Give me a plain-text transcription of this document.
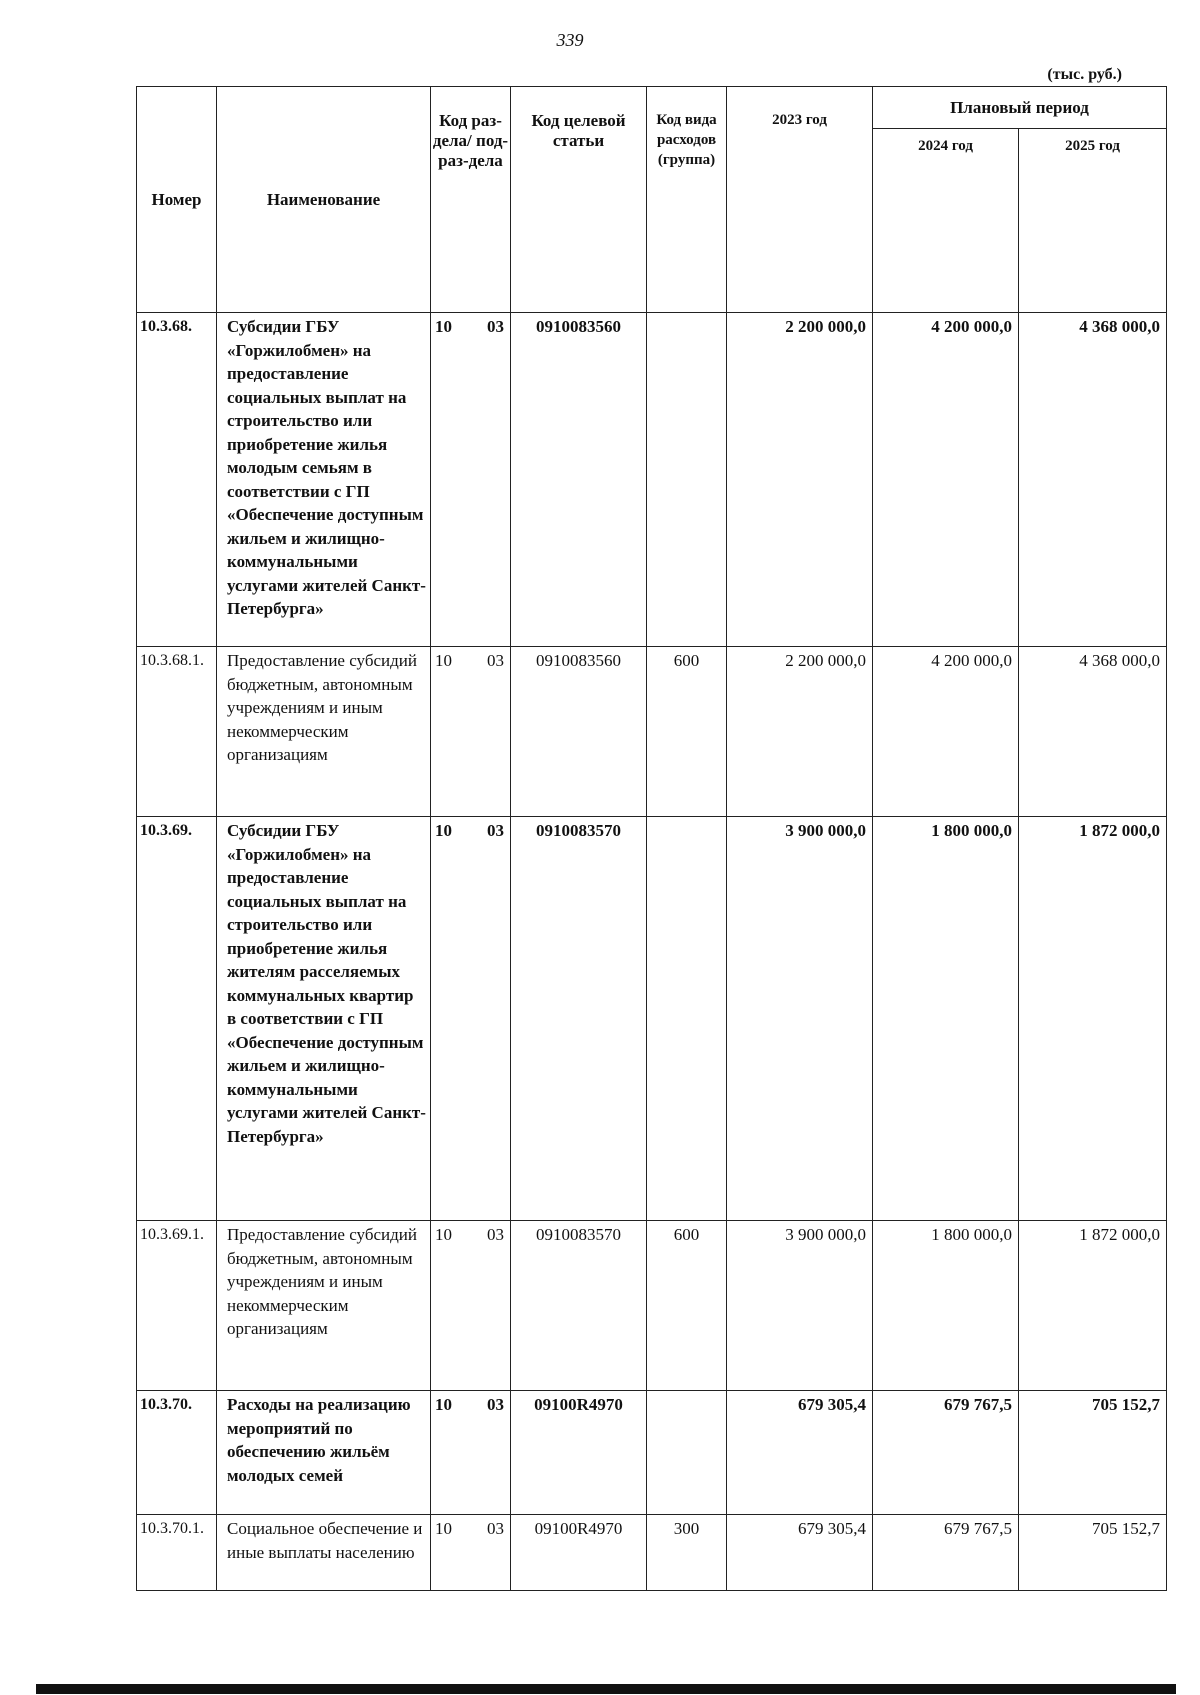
339
(тыс. руб.)
Номер	Наименование	Код раз-дела/ под-раз-дела	Код целевой статьи	Код вида расходов (группа)	2023 год	Плановый период	
						2024 год	2025 год
10.3.68.	Субсидии ГБУ «Горжилобмен» на предоставление социальных выплат на строительство или приобретение жилья молодым семьям в соответствии с ГП «Обеспечение доступным жильем и жилищно-коммунальными услугами жителей Санкт-Петербурга»	10 03	0910083560		2 200 000,0	4 200 000,0	4 368 000,0
10.3.68.1.	Предоставление субсидий бюджетным, автономным учреждениям и иным некоммерческим организациям	10 03	0910083560	600	2 200 000,0	4 200 000,0	4 368 000,0
10.3.69.	Субсидии ГБУ «Горжилобмен» на предоставление социальных выплат на строительство или приобретение жилья жителям расселяемых коммунальных квартир в соответствии с ГП «Обеспечение доступным жильем и жилищно-коммунальными услугами жителей Санкт-Петербурга»	10 03	0910083570		3 900 000,0	1 800 000,0	1 872 000,0
10.3.69.1.	Предоставление субсидий бюджетным, автономным учреждениям и иным некоммерческим организациям	10 03	0910083570	600	3 900 000,0	1 800 000,0	1 872 000,0
10.3.70.	Расходы на реализацию мероприятий по обеспечению жильём молодых семей	10 03	09100R4970		679 305,4	679 767,5	705 152,7
10.3.70.1.	Социальное обеспечение и иные выплаты населению	10 03	09100R4970	300	679 305,4	679 767,5	705 152,7
